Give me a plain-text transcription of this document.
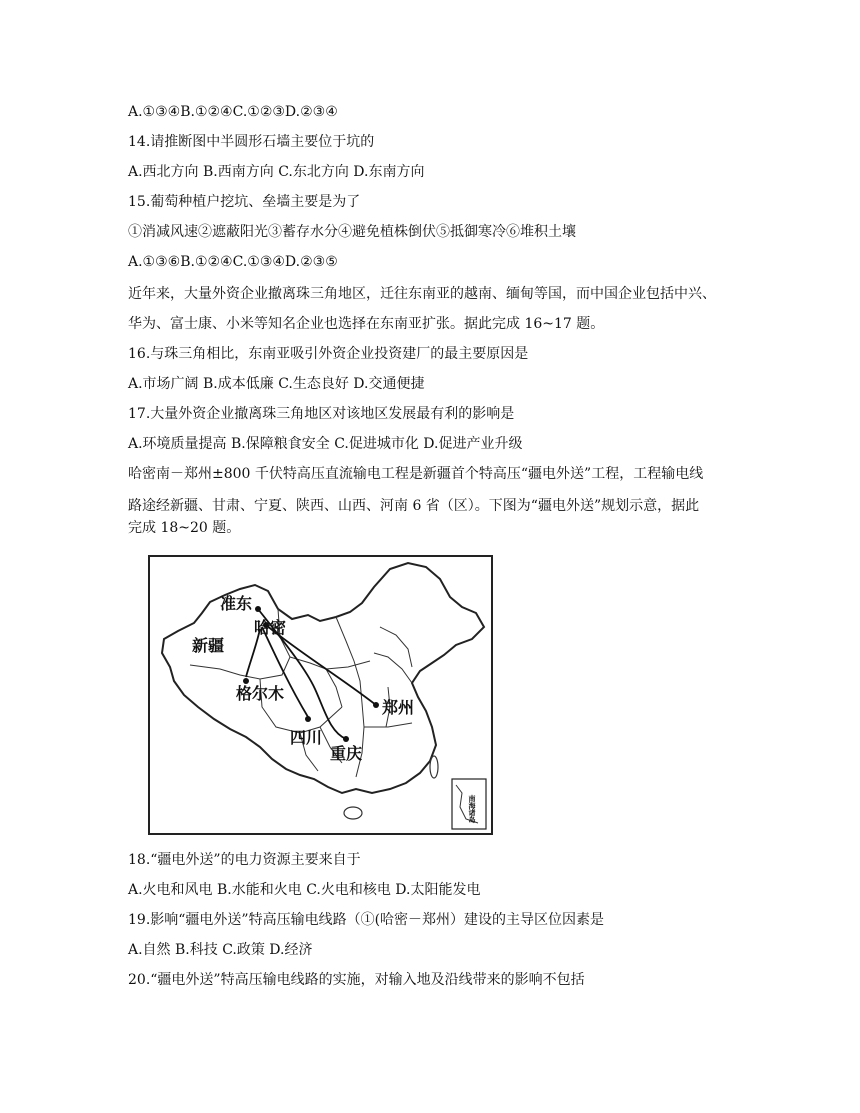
A.①③④B.①②④C.①②③D.②③④
14.请推断图中半圆形石墙主要位于坑的
A.西北方向 B.西南方向 C.东北方向 D.东南方向
15.葡萄种植户挖坑、垒墙主要是为了
①消减风速②遮蔽阳光③蓄存水分④避免植株倒伏⑤抵御寒冷⑥堆积土壤
A.①③⑥B.①②④C.①③④D.②③⑤
近年来，大量外资企业撤离珠三角地区，迁往东南亚的越南、缅甸等国，而中国企业包括中兴、
华为、富士康、小米等知名企业也选择在东南亚扩张。据此完成 16~17 题。
16.与珠三角相比，东南亚吸引外资企业投资建厂的最主要原因是
A.市场广阔 B.成本低廉 C.生态良好 D.交通便捷
17.大量外资企业撤离珠三角地区对该地区发展最有利的影响是
A.环境质量提高 B.保障粮食安全 C.促进城市化 D.促进产业升级
哈密南－郑州±800 千伏特高压直流输电工程是新疆首个特高压“疆电外送”工程，工程输电线
路途经新疆、甘肃、宁夏、陕西、山西、河南 6 省（区）。下图为“疆电外送”规划示意，据此
完成 18~20 题。
准东
哈密
新疆
格尔木
郑州
四川
重庆
南海诸岛
18.“疆电外送”的电力资源主要来自于
A.火电和风电 B.水能和火电 C.火电和核电 D.太阳能发电
19.影响“疆电外送”特高压输电线路（①(哈密－郑州）建设的主导区位因素是
A.自然 B.科技 C.政策 D.经济
20.“疆电外送”特高压输电线路的实施，对输入地及沿线带来的影响不包括
